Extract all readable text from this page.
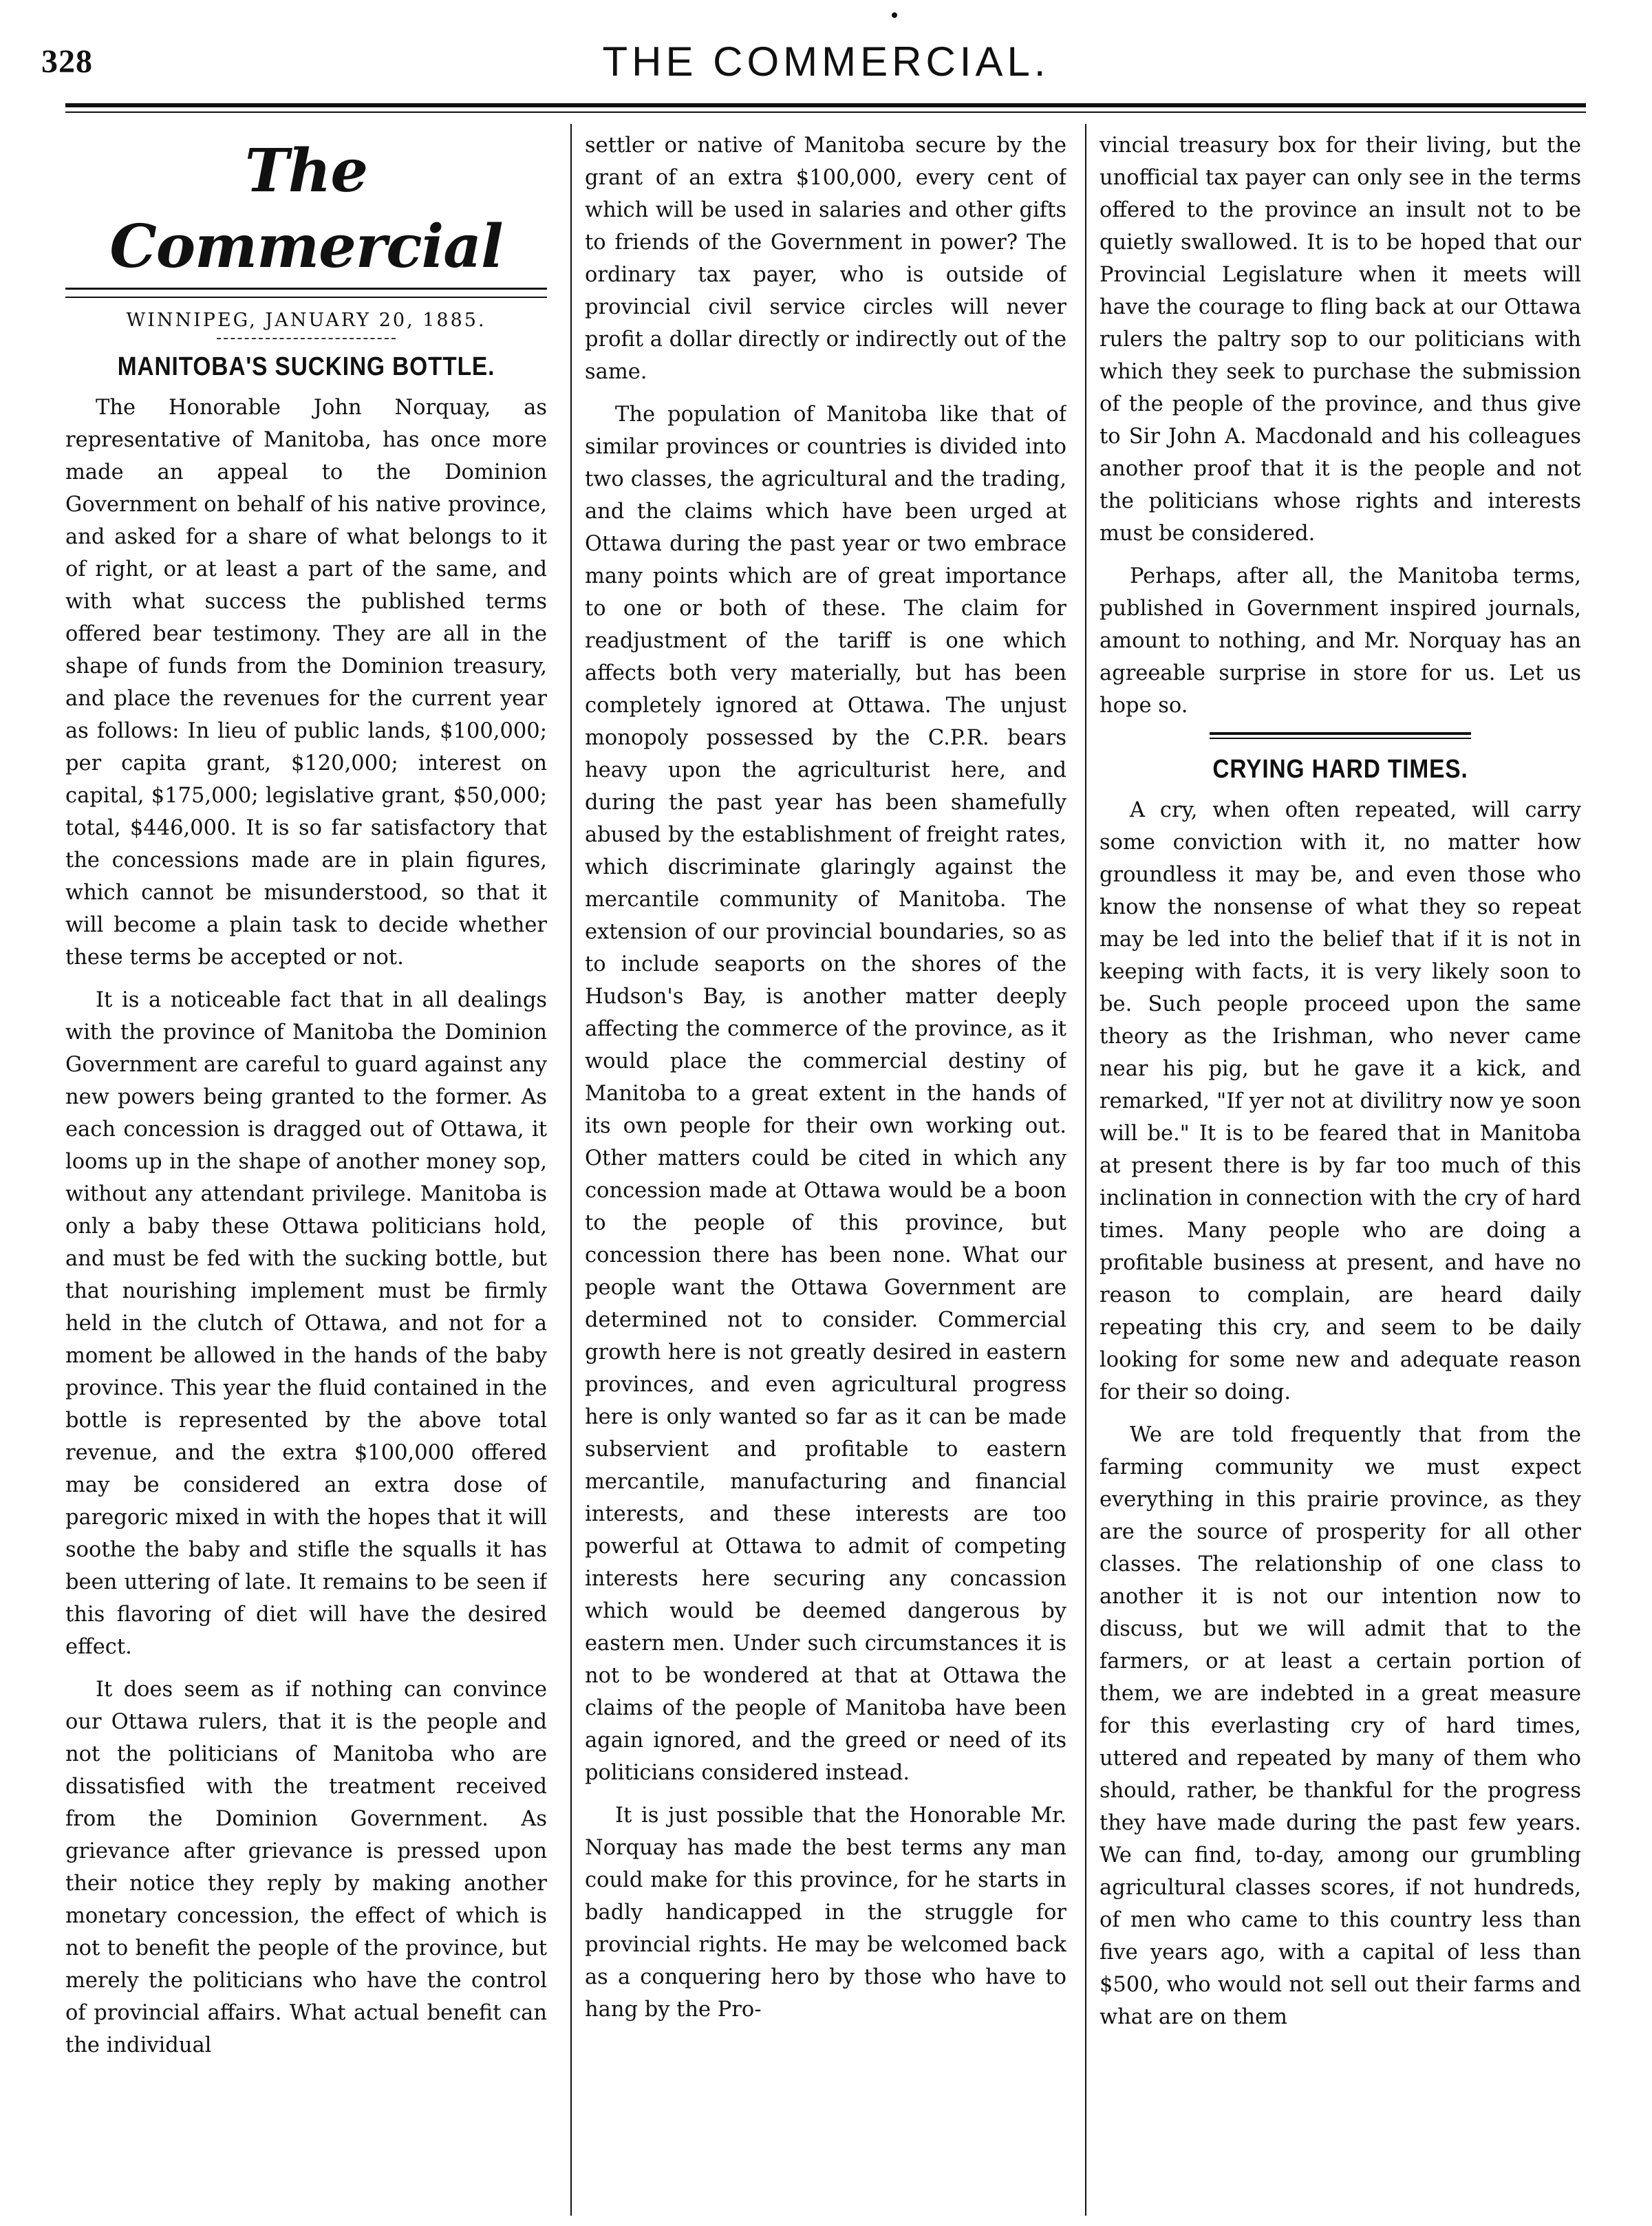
328	THE COMMERCIAL.
The Commercial
WINNIPEG, JANUARY 20, 1885.
MANITOBA'S SUCKING BOTTLE.

The Honorable John Norquay, as representative of Manitoba, has once more made an appeal to the Dominion Government on behalf of his native province, and asked for a share of what belongs to it of right, or at least a part of the same, and with what success the published terms offered bear testimony. They are all in the shape of funds from the Dominion treasury, and place the revenues for the current year as follows: In lieu of public lands, $100,000; per capita grant, $120,000; interest on capital, $175,000; legislative grant, $50,000; total, $446,000. It is so far satisfactory that the concessions made are in plain figures, which cannot be misunderstood, so that it will become a plain task to decide whether these terms be accepted or not.

It is a noticeable fact that in all dealings with the province of Manitoba the Dominion Government are careful to guard against any new powers being granted to the former. As each concession is dragged out of Ottawa, it looms up in the shape of another money sop, without any attendant privilege. Manitoba is only a baby these Ottawa politicians hold, and must be fed with the sucking bottle, but that nourishing implement must be firmly held in the clutch of Ottawa, and not for a moment be allowed in the hands of the baby province. This year the fluid contained in the bottle is represented by the above total revenue, and the extra $100,000 offered may be considered an extra dose of paregoric mixed in with the hopes that it will soothe the baby and stifle the squalls it has been uttering of late. It remains to be seen if this flavoring of diet will have the desired effect.

It does seem as if nothing can convince our Ottawa rulers, that it is the people and not the politicians of Manitoba who are dissatisfied with the treatment received from the Dominion Government. As grievance after grievance is pressed upon their notice they reply by making another monetary concession, the effect of which is not to benefit the people of the province, but merely the politicians who have the control of provincial affairs. What actual benefit can the individual

settler or native of Manitoba secure by the grant of an extra $100,000, every cent of which will be used in salaries and other gifts to friends of the Government in power? The ordinary tax payer, who is outside of provincial civil service circles will never profit a dollar directly or indirectly out of the same.

The population of Manitoba like that of similar provinces or countries is divided into two classes, the agricultural and the trading, and the claims which have been urged at Ottawa during the past year or two embrace many points which are of great importance to one or both of these. The claim for readjustment of the tariff is one which affects both very materially, but has been completely ignored at Ottawa. The unjust monopoly possessed by the C.P.R. bears heavy upon the agriculturist here, and during the past year has been shamefully abused by the establishment of freight rates, which discriminate glaringly against the mercantile community of Manitoba. The extension of our provincial boundaries, so as to include seaports on the shores of the Hudson's Bay, is another matter deeply affecting the commerce of the province, as it would place the commercial destiny of Manitoba to a great extent in the hands of its own people for their own working out. Other matters could be cited in which any concession made at Ottawa would be a boon to the people of this province, but concession there has been none. What our people want the Ottawa Government are determined not to consider. Commercial growth here is not greatly desired in eastern provinces, and even agricultural progress here is only wanted so far as it can be made subservient and profitable to eastern mercantile, manufacturing and financial interests, and these interests are too powerful at Ottawa to admit of competing interests here securing any concassion which would be deemed dangerous by eastern men. Under such circumstances it is not to be wondered at that at Ottawa the claims of the people of Manitoba have been again ignored, and the greed or need of its politicians considered instead.

It is just possible that the Honorable Mr. Norquay has made the best terms any man could make for this province, for he starts in badly handicapped in the struggle for provincial rights. He may be welcomed back as a conquering hero by those who have to hang by the Pro-

vincial treasury box for their living, but the unofficial tax payer can only see in the terms offered to the province an insult not to be quietly swallowed. It is to be hoped that our Provincial Legislature when it meets will have the courage to fling back at our Ottawa rulers the paltry sop to our politicians with which they seek to purchase the submission of the people of the province, and thus give to Sir John A. Macdonald and his colleagues another proof that it is the people and not the politicians whose rights and interests must be considered.

Perhaps, after all, the Manitoba terms, published in Government inspired journals, amount to nothing, and Mr. Norquay has an agreeable surprise in store for us. Let us hope so.

CRYING HARD TIMES.

A cry, when often repeated, will carry some conviction with it, no matter how groundless it may be, and even those who know the nonsense of what they so repeat may be led into the belief that if it is not in keeping with facts, it is very likely soon to be. Such people proceed upon the same theory as the Irishman, who never came near his pig, but he gave it a kick, and remarked, "If yer not at divilitry now ye soon will be." It is to be feared that in Manitoba at present there is by far too much of this inclination in connection with the cry of hard times. Many people who are doing a profitable business at present, and have no reason to complain, are heard daily repeating this cry, and seem to be daily looking for some new and adequate reason for their so doing.

We are told frequently that from the farming community we must expect everything in this prairie province, as they are the source of prosperity for all other classes. The relationship of one class to another it is not our intention now to discuss, but we will admit that to the farmers, or at least a certain portion of them, we are indebted in a great measure for this everlasting cry of hard times, uttered and repeated by many of them who should, rather, be thankful for the progress they have made during the past few years. We can find, to-day, among our grumbling agricultural classes scores, if not hundreds, of men who came to this country less than five years ago, with a capital of less than $500, who would not sell out their farms and what are on them
